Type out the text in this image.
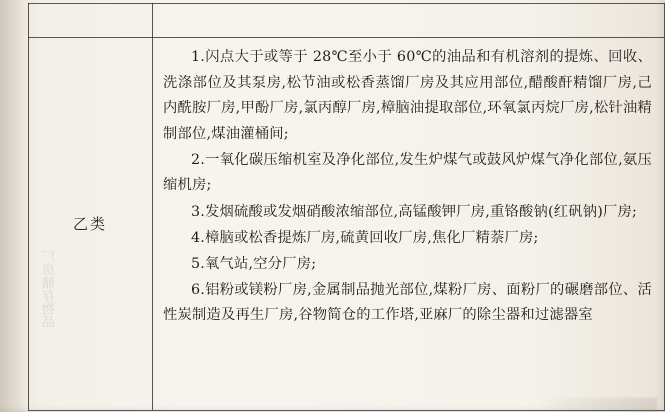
厂房储存物品
乙类

1.闪点大于或等于 28℃至小于 60℃的油品和有机溶剂的提炼、回收、洗涤部位及其泵房,松节油或松香蒸馏厂房及其应用部位,醋酸酐精馏厂房,己内酰胺厂房,甲酚厂房,氯丙醇厂房,樟脑油提取部位,环氧氯丙烷厂房,松针油精制部位,煤油灌桶间;

2.一氧化碳压缩机室及净化部位,发生炉煤气或鼓风炉煤气净化部位,氨压缩机房;

3.发烟硫酸或发烟硝酸浓缩部位,高锰酸钾厂房,重铬酸钠(红矾钠)厂房;

4.樟脑或松香提炼厂房,硫黄回收厂房,焦化厂精萘厂房;

5.氧气站,空分厂房;

6.铝粉或镁粉厂房,金属制品抛光部位,煤粉厂房、面粉厂的碾磨部位、活性炭制造及再生厂房,谷物简仓的工作塔,亚麻厂的除尘器和过滤器室
